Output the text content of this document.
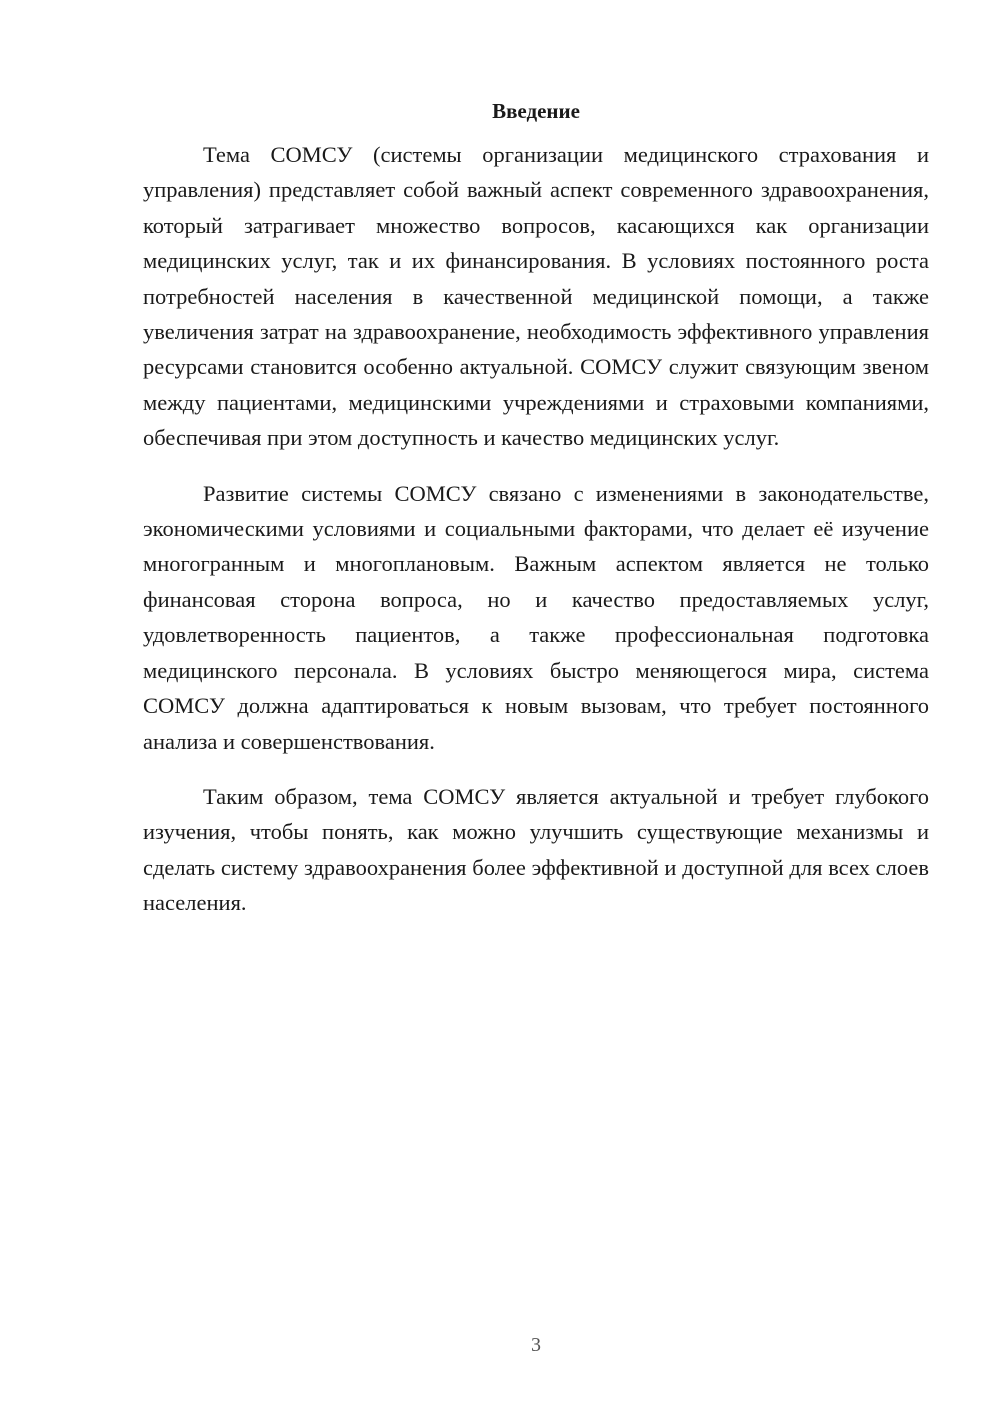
Введение

Тема СОМСУ (системы организации медицинского страхования и управления) представляет собой важный аспект современного здравоохранения, который затрагивает множество вопросов, касающихся как организации медицинских услуг, так и их финансирования. В условиях постоянного роста потребностей населения в качественной медицинской помощи, а также увеличения затрат на здравоохранение, необходимость эффективного управления ресурсами становится особенно актуальной. СОМСУ служит связующим звеном между пациентами, медицинскими учреждениями и страховыми компаниями, обеспечивая при этом доступность и качество медицинских услуг.

Развитие системы СОМСУ связано с изменениями в законодательстве, экономическими условиями и социальными факторами, что делает её изучение многогранным и многоплановым. Важным аспектом является не только финансовая сторона вопроса, но и качество предоставляемых услуг, удовлетворенность пациентов, а также профессиональная подготовка медицинского персонала. В условиях быстро меняющегося мира, система СОМСУ должна адаптироваться к новым вызовам, что требует постоянного анализа и совершенствования.

Таким образом, тема СОМСУ является актуальной и требует глубокого изучения, чтобы понять, как можно улучшить существующие механизмы и сделать систему здравоохранения более эффективной и доступной для всех слоев населения.

3
